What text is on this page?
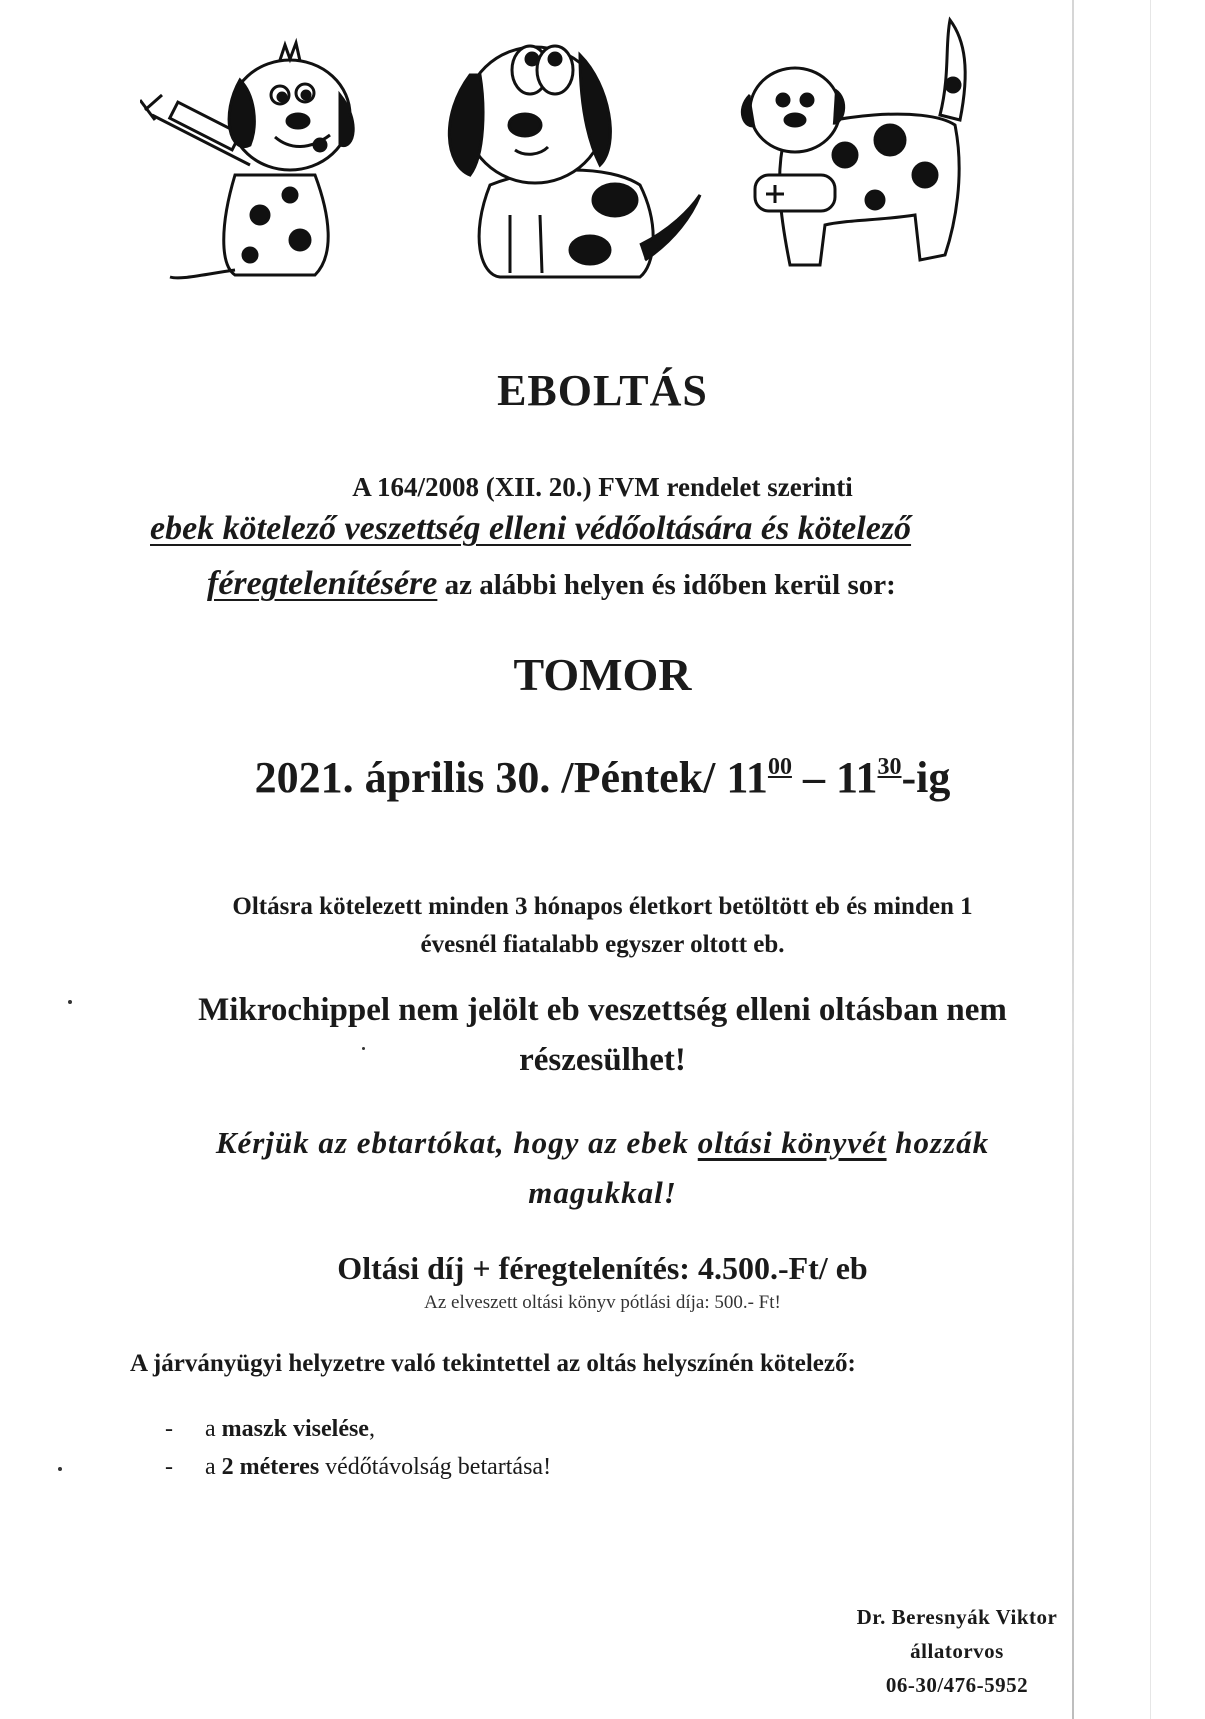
EBOLTÁS
A 164/2008 (XII. 20.) FVM rendelet szerinti
ebek kötelező veszettség elleni védőoltására és kötelező
féregtelenítésére az alábbi helyen és időben kerül sor:
TOMOR
2021. április 30. /Péntek/ $11^{00} - 11^{30}-ig$
Oltásra kötelezett minden 3 hónapos életkort betöltött eb és minden 1
évesnél fiatalabb egyszer oltott eb.
Mikrochippel nem jelölt eb veszettség elleni oltásban nem
részesülhet!
Kérjük az ebtartókat, hogy az ebek oltási könyvét hozzák
magukkal!
Oltási díj + féregtelenítés: 4.500.-Ft/ eb
Az elveszett oltási könyv pótlási díja: 500.- Ft!
A járványügyi helyzetre való tekintettel az oltás helyszínén kötelező:
- a maszk viselése,
- a 2 méteres védőtávolság betartása!
Dr. Beresnyák Viktor
állatorvos
06-30/476-5952
